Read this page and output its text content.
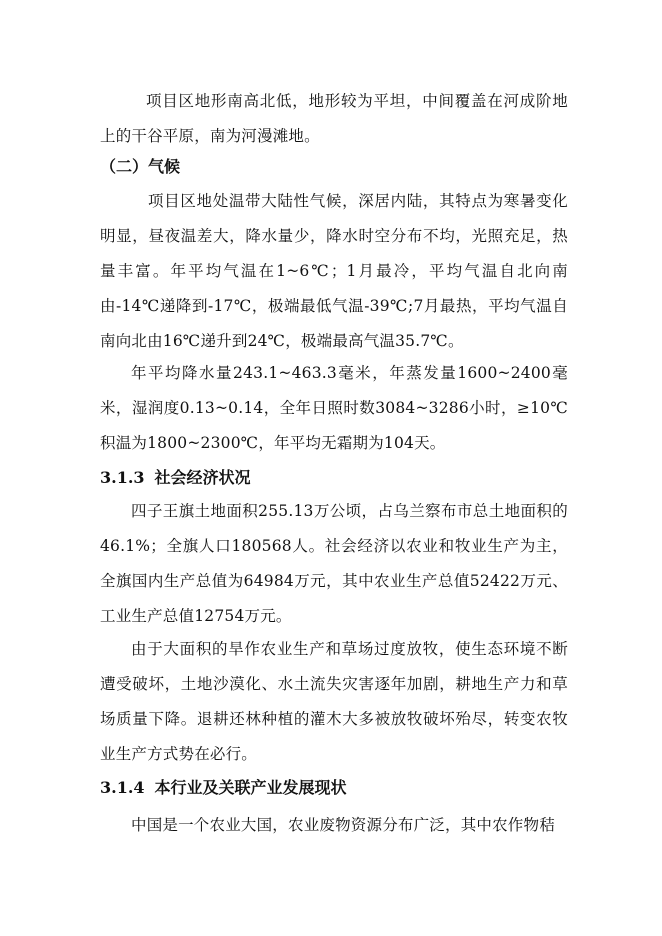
项目区地形南高北低，地形较为平坦，中间覆盖在河成阶地上的干谷平原，南为河漫滩地。

（二）气候

项目区地处温带大陆性气候，深居内陆，其特点为寒暑变化明显，昼夜温差大，降水量少，降水时空分布不均，光照充足，热量丰富。年平均气温在1~6℃；1月最冷，平均气温自北向南由-14℃递降到-17℃，极端最低气温-39℃;7月最热，平均气温自南向北由16℃递升到24℃，极端最高气温35.7℃。

年平均降水量243.1~463.3毫米，年蒸发量1600~2400毫米，湿润度0.13~0.14，全年日照时数3084~3286小时，≥10℃积温为1800~2300℃，年平均无霜期为104天。

3.1.3 社会经济状况

四子王旗土地面积255.13万公顷，占乌兰察布市总土地面积的46.1%；全旗人口180568人。社会经济以农业和牧业生产为主，全旗国内生产总值为64984万元，其中农业生产总值52422万元、工业生产总值12754万元。

由于大面积的旱作农业生产和草场过度放牧，使生态环境不断遭受破坏，土地沙漠化、水土流失灾害逐年加剧，耕地生产力和草场质量下降。退耕还林种植的灌木大多被放牧破坏殆尽，转变农牧业生产方式势在必行。

3.1.4 本行业及关联产业发展现状

中国是一个农业大国，农业废物资源分布广泛，其中农作物秸
